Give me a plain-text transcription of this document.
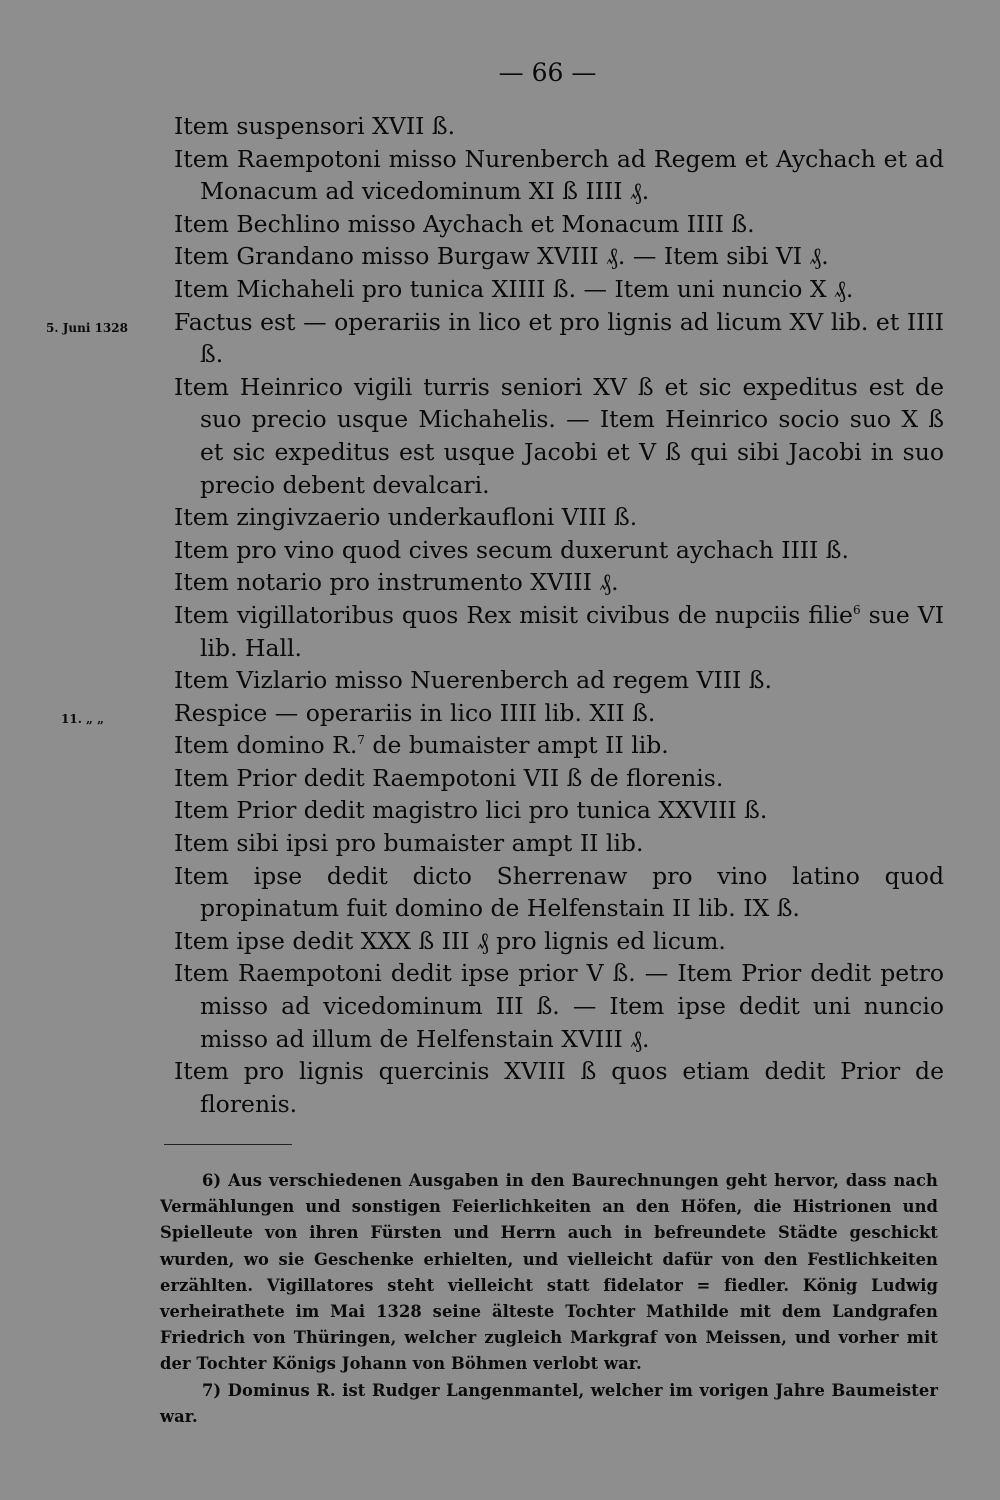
— 66 —
Item suspensori XVII ß.
Item Raempotoni misso Nurenberch ad Regem et Aychach et ad Monacum ad vicedominum XI ß IIII ₰.
Item Bechlino misso Aychach et Monacum IIII ß.
Item Grandano misso Burgaw XVIII ₰. — Item sibi VI ₰.
Item Michaheli pro tunica XIIII ß. — Item uni nuncio X ₰.
5. Juni 1328 Factus est — operariis in lico et pro lignis ad licum XV lib. et IIII ß.
Item Heinrico vigili turris seniori XV ß et sic expeditus est de suo precio usque Michahelis. — Item Heinrico socio suo X ß et sic expeditus est usque Jacobi et V ß qui sibi Jacobi in suo precio debent devalcari.
Item zingivzaerio underkaufloni VIII ß.
Item pro vino quod cives secum duxerunt aychach IIII ß.
Item notario pro instrumento XVIII ₰.
Item vigillatoribus quos Rex misit civibus de nupciis filie$^6$ sue VI lib. Hall.
Item Vizlario misso Nuerenberch ad regem VIII ß.
11. „ „	Respice — operariis in lico IIII lib. XII ß.
Item domino R.$^7$ de bumaister ampt II lib.
Item Prior dedit Raempotoni VII ß de florenis.
Item Prior dedit magistro lici pro tunica XXVIII ß.
Item sibi ipsi pro bumaister ampt II lib.
Item ipse dedit dicto Sherrenaw pro vino latino quod propinatum fuit domino de Helfenstain II lib. IX ß.
Item ipse dedit XXX ß III ₰ pro lignis ed licum.
Item Raempotoni dedit ipse prior V ß. — Item Prior dedit petro misso ad vicedominum III ß. — Item ipse dedit uni nuncio misso ad illum de Helfenstain XVIII ₰.
Item pro lignis quercinis XVIII ß quos etiam dedit Prior de florenis.
6) Aus verschiedenen Ausgaben in den Baurechnungen geht hervor, dass nach Vermählungen und sonstigen Feierlichkeiten an den Höfen, die Histrionen und Spielleute von ihren Fürsten und Herrn auch in befreundete Städte geschickt wurden, wo sie Geschenke erhielten, und vielleicht dafür von den Festlichkeiten erzählten. Vigillatores steht vielleicht statt fidelator = fiedler. König Ludwig verheirathete im Mai 1328 seine älteste Tochter Mathilde mit dem Landgrafen Friedrich von Thüringen, welcher zugleich Markgraf von Meissen, und vorher mit der Tochter Königs Johann von Böhmen verlobt war.
7) Dominus R. ist Rudger Langenmantel, welcher im vorigen Jahre Baumeister war.
